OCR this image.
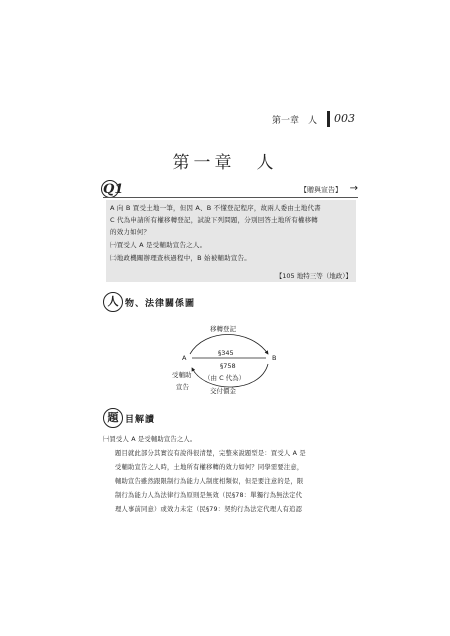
第一章　人 003
第一章　人
Q1	【贈與宣告】 →
A 向 B 買受土地一筆，但因 A、B 不懂登記程序，故兩人委由土地代書
C 代為申請所有權移轉登記，試說下列問題，分別回答土地所有權移轉
的效力如何？
㈠買受人 A 是受輔助宣告之人。
㈡地政機關辦理查核過程中，B 始被輔助宣告。
【105 地特三等（地政）】
人 物、法律關係圖
移轉登記
A	B
§345
§758
（由 C 代為）
受輔助
宣告	交付價金
題 目解讀
㈠買受人 A 是受輔助宣告之人。
題目就此部分其實沒有說得很清楚，完整來說題型是：買受人 A 是
受輔助宣告之人時，土地所有權移轉的效力如何？同學需要注意，
輔助宣告雖然跟限制行為能力人制度相類似，但是要注意的是，限
制行為能力人為法律行為原則是無效（民§78：單獨行為無法定代
理人事前同意）或效力未定（民§79：契約行為法定代理人有追認
